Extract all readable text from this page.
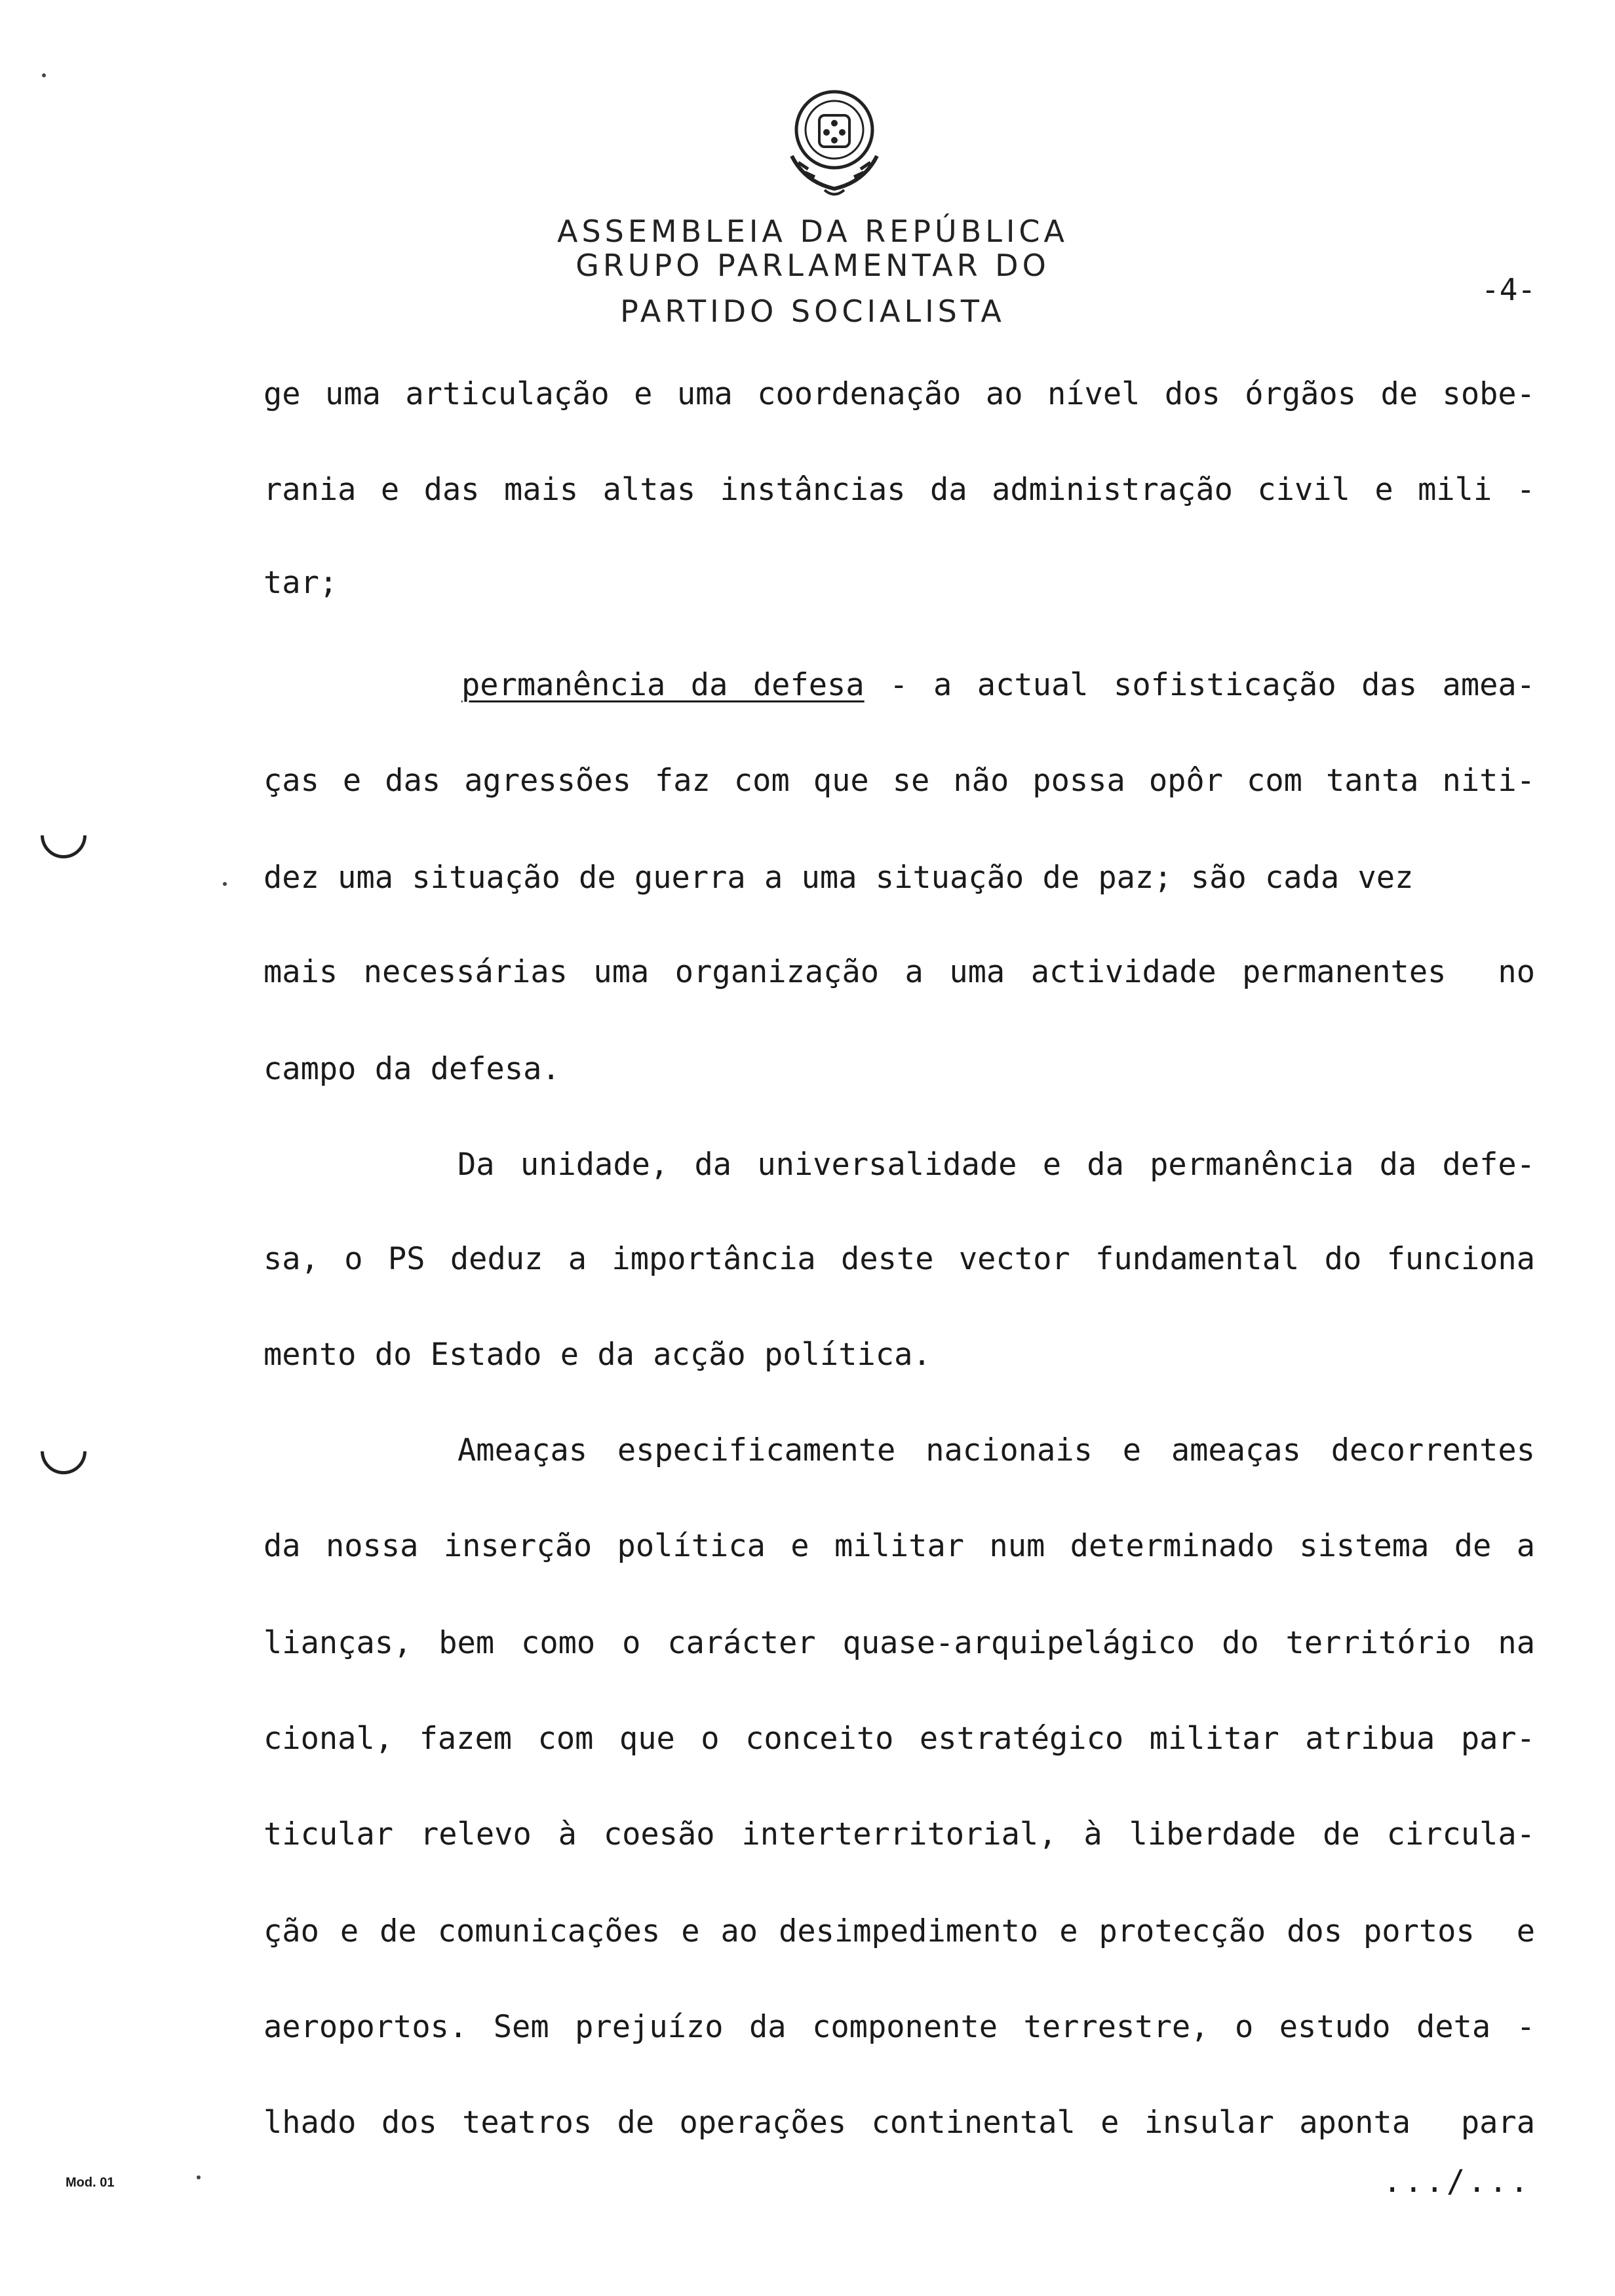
ASSEMBLEIA DA REPÚBLICA
GRUPO PARLAMENTAR DO
PARTIDO SOCIALISTA
-4-
ge uma articulação e uma coordenação ao nível dos órgãos de sobe-
rania e das mais altas instâncias da administração civil e mili -
tar;
permanência da defesa - a actual sofisticação das amea-
ças e das agressões faz com que se não possa opôr com tanta niti-
dez uma situação de guerra a uma situação de paz; são cada vez
mais necessárias uma organização a uma actividade permanentes  no
campo da defesa.
Da unidade, da universalidade e da permanência da defe-
sa, o PS deduz a importância deste vector fundamental do funciona
mento do Estado e da acção política.
Ameaças especificamente nacionais e ameaças decorrentes
da nossa inserção política e militar num determinado sistema de a
lianças, bem como o carácter quase-arquipelágico do território na
cional, fazem com que o conceito estratégico militar atribua par-
ticular relevo à coesão interterritorial, à liberdade de circula-
ção e de comunicações e ao desimpedimento e protecção dos portos  e
aeroportos. Sem prejuízo da componente terrestre, o estudo deta -
lhado dos teatros de operações continental e insular aponta  para
.../...
Mod. 01
